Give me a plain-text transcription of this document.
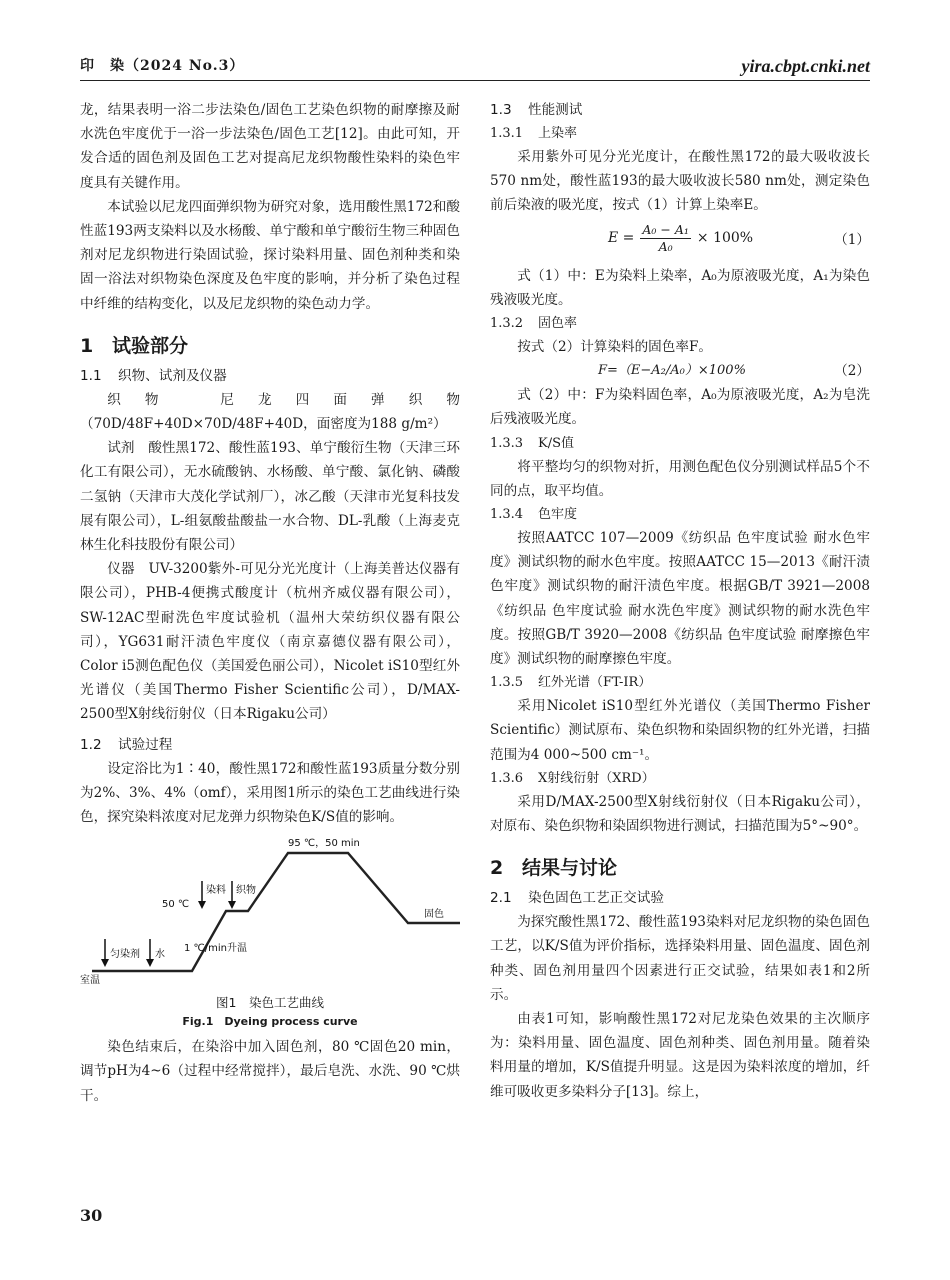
印　染（2024 No.3）	yira.cbpt.cnki.net

龙，结果表明一浴二步法染色/固色工艺染色织物的耐摩擦及耐水洗色牢度优于一浴一步法染色/固色工艺[12]。由此可知，开发合适的固色剂及固色工艺对提高尼龙织物酸性染料的染色牢度具有关键作用。

本试验以尼龙四面弹织物为研究对象，选用酸性黑172和酸性蓝193两支染料以及水杨酸、单宁酸和单宁酸衍生物三种固色剂对尼龙织物进行染固试验，探讨染料用量、固色剂种类和染固一浴法对织物染色深度及色牢度的影响，并分析了染色过程中纤维的结构变化，以及尼龙织物的染色动力学。

1 试验部分
1.1 织物、试剂及仪器

织物　尼龙四面弹织物（70D/48F+40D×70D/48F+40D，面密度为188 g/m²）

试剂　酸性黑172、酸性蓝193、单宁酸衍生物（天津三环化工有限公司），无水硫酸钠、水杨酸、单宁酸、氯化钠、磷酸二氢钠（天津市大茂化学试剂厂），冰乙酸（天津市光复科技发展有限公司），L-组氨酸盐酸盐一水合物、DL-乳酸（上海麦克林生化科技股份有限公司）

仪器　UV-3200紫外-可见分光光度计（上海美普达仪器有限公司），PHB-4便携式酸度计（杭州齐威仪器有限公司），SW-12AC型耐洗色牢度试验机（温州大荣纺织仪器有限公司），YG631耐汗渍色牢度仪（南京嘉德仪器有限公司），Color i5测色配色仪（美国爱色丽公司），Nicolet iS10型红外光谱仪（美国Thermo Fisher Scientific公司），D/MAX-2500型X射线衍射仪（日本Rigaku公司）

1.2 试验过程

设定浴比为1∶40，酸性黑172和酸性蓝193质量分数分别为2%、3%、4%（omf），采用图1所示的染色工艺曲线进行染色，探究染料浓度对尼龙弹力织物染色K/S值的影响。

95 ℃，50 min
50 ℃
染料 织物
匀染剂 水
室温
1 ℃/min升温
固色
图1　染色工艺曲线
Fig.1　Dyeing process curve

染色结束后，在染浴中加入固色剂，80 ℃固色20 min，调节pH为4~6（过程中经常搅拌），最后皂洗、水洗、90 ℃烘干。

1.3 性能测试
1.3.1 上染率

采用紫外可见分光光度计，在酸性黑172的最大吸收波长570 nm处，酸性蓝193的最大吸收波长580 nm处，测定染色前后染液的吸光度，按式（1）计算上染率E。

$E = \frac{\text{A₀ − A₁}}{\text{A₀}} \times 100\%$	（1）

式（1）中：E为染料上染率，A₀为原液吸光度，A₁为染色残液吸光度。

1.3.2 固色率

按式（2）计算染料的固色率F。

F=（E−A₂/A₀）×100%	（2）

式（2）中：F为染料固色率，A₀为原液吸光度，A₂为皂洗后残液吸光度。

1.3.3 K/S值

将平整均匀的织物对折，用测色配色仪分别测试样品5个不同的点，取平均值。

1.3.4 色牢度

按照AATCC 107—2009《纺织品 色牢度试验 耐水色牢度》测试织物的耐水色牢度。按照AATCC 15—2013《耐汗渍色牢度》测试织物的耐汗渍色牢度。根据GB/T 3921—2008《纺织品 色牢度试验 耐水洗色牢度》测试织物的耐水洗色牢度。按照GB/T 3920—2008《纺织品 色牢度试验 耐摩擦色牢度》测试织物的耐摩擦色牢度。

1.3.5 红外光谱（FT-IR）

采用Nicolet iS10型红外光谱仪（美国Thermo Fisher Scientific）测试原布、染色织物和染固织物的红外光谱，扫描范围为4 000~500 cm⁻¹。

1.3.6 X射线衍射（XRD）

采用D/MAX-2500型X射线衍射仪（日本Rigaku公司），对原布、染色织物和染固织物进行测试，扫描范围为5°~90°。

2 结果与讨论
2.1 染色固色工艺正交试验

为探究酸性黑172、酸性蓝193染料对尼龙织物的染色固色工艺，以K/S值为评价指标，选择染料用量、固色温度、固色剂种类、固色剂用量四个因素进行正交试验，结果如表1和2所示。

由表1可知，影响酸性黑172对尼龙染色效果的主次顺序为：染料用量、固色温度、固色剂种类、固色剂用量。随着染料用量的增加，K/S值提升明显。这是因为染料浓度的增加，纤维可吸收更多染料分子[13]。综上，

30
